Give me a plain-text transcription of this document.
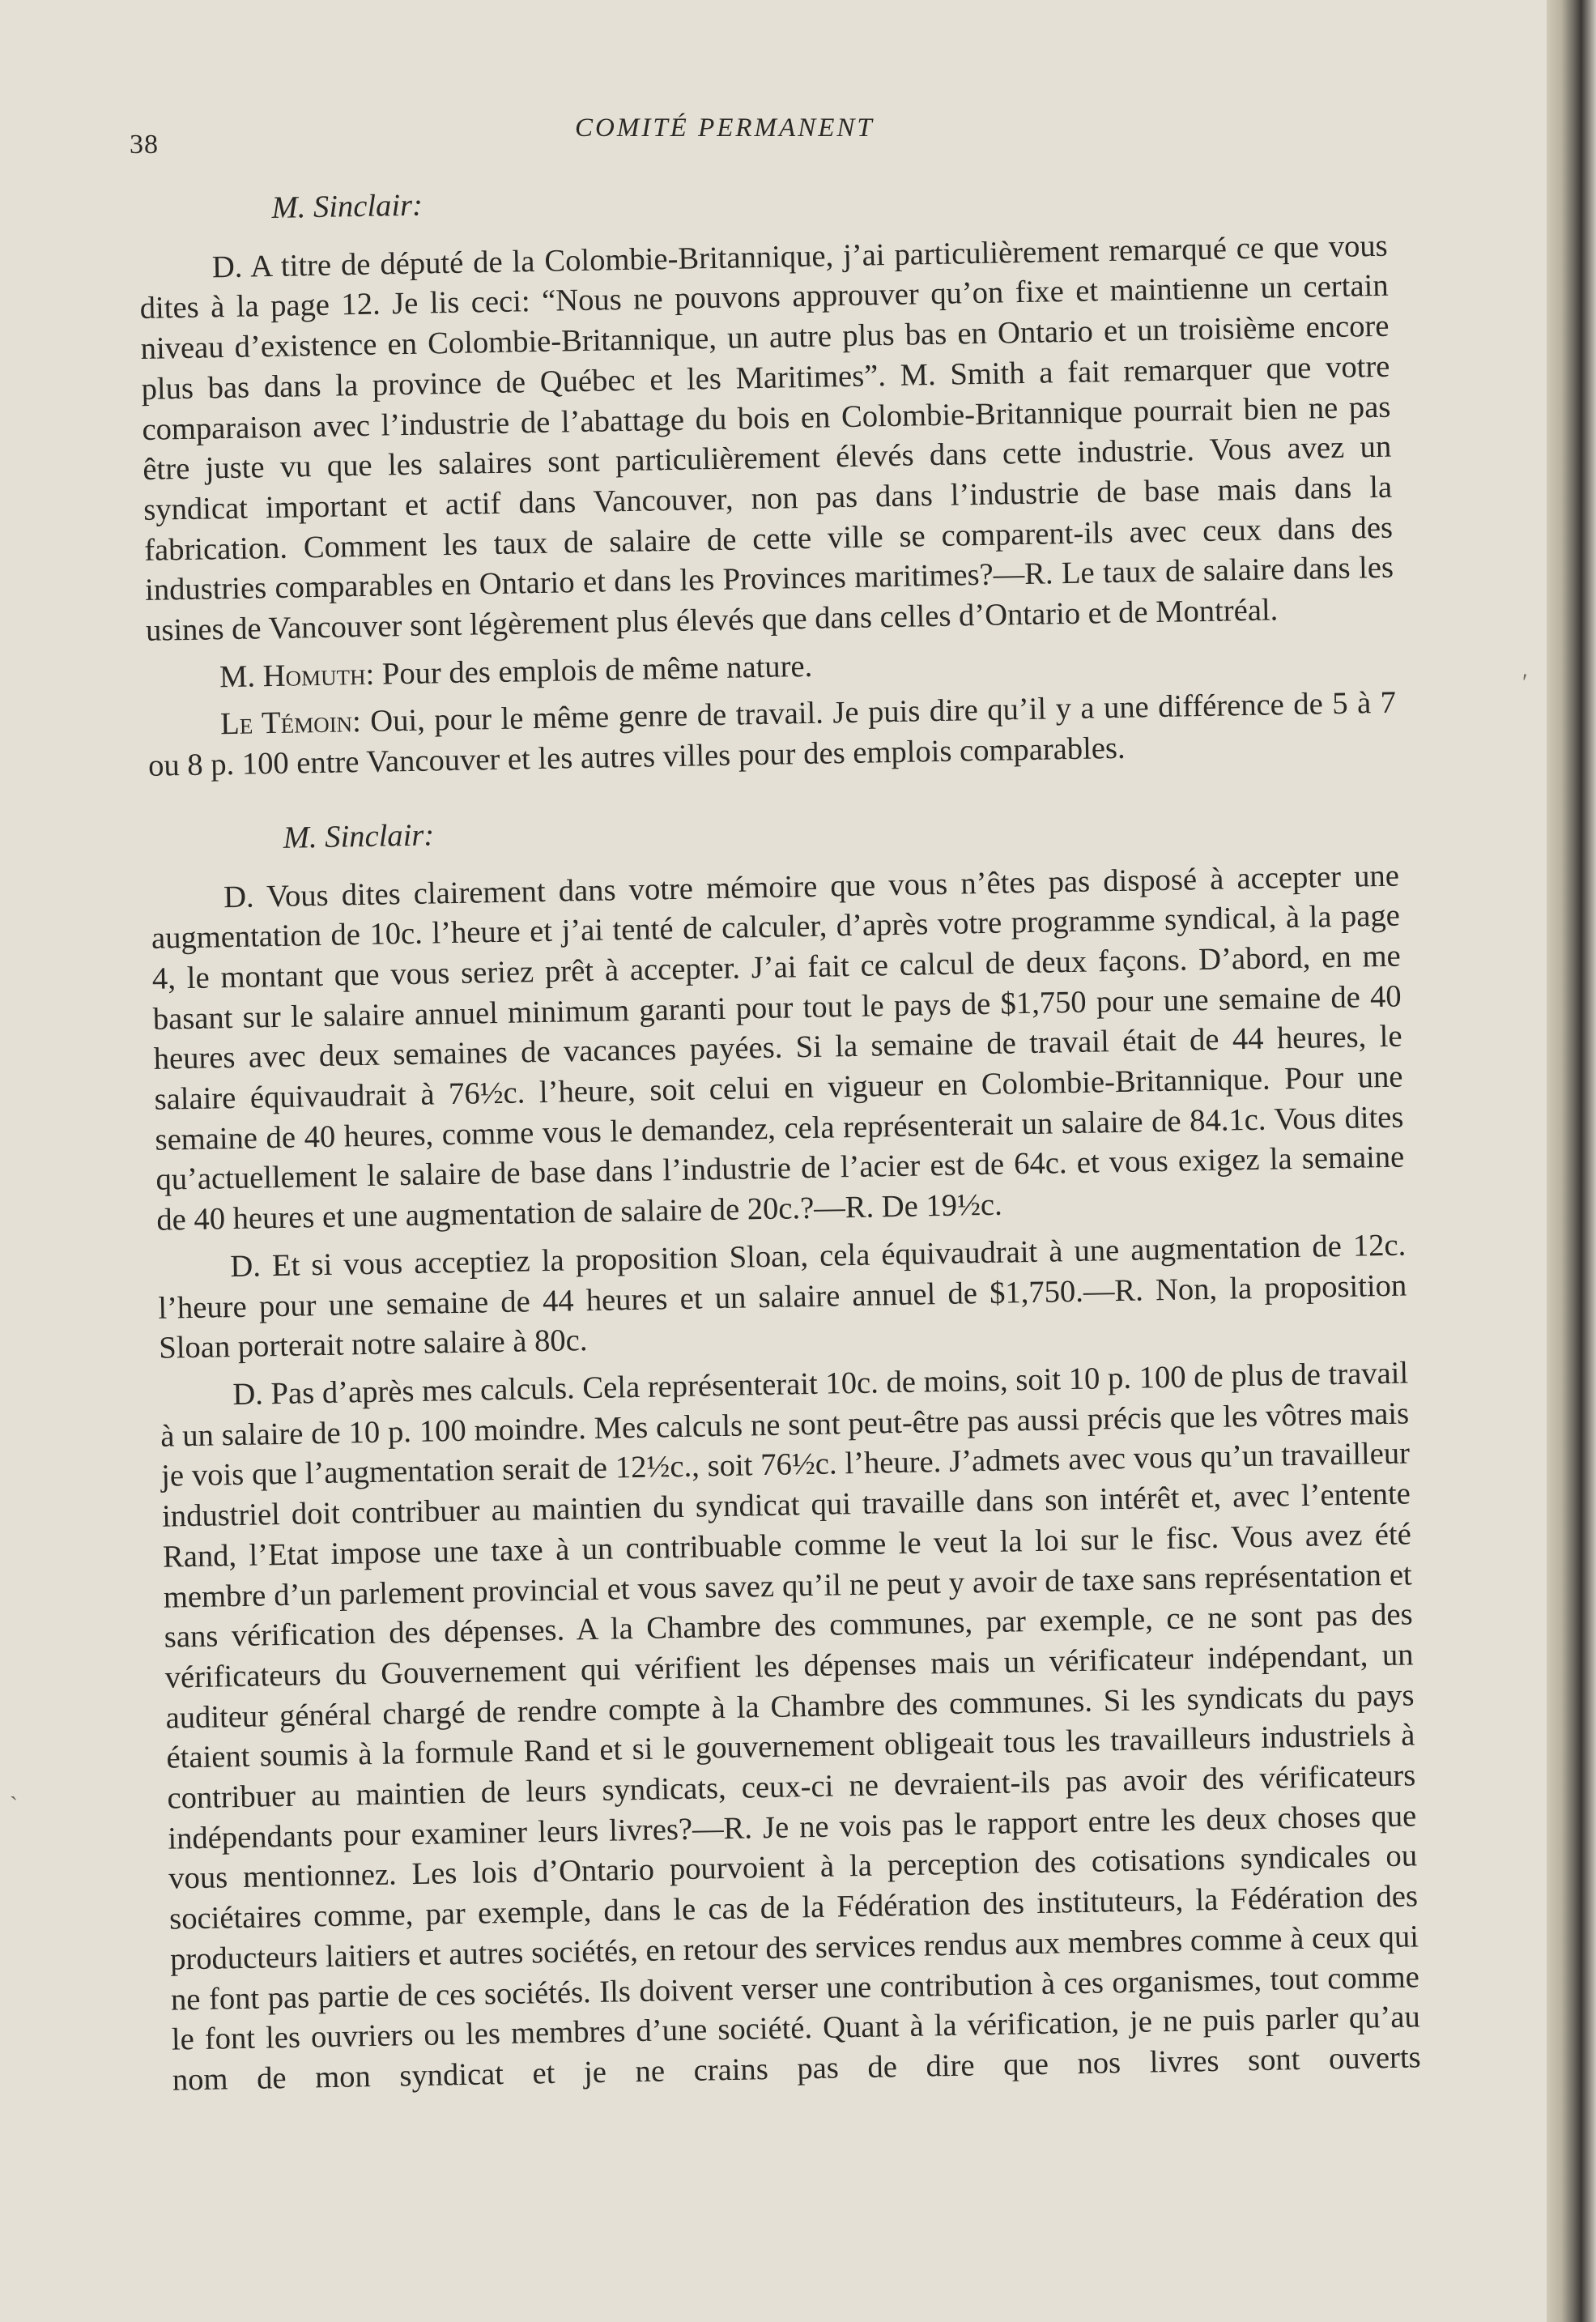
38
COMITÉ PERMANENT

M. Sinclair:

D. A titre de député de la Colombie-Britannique, j’ai particulièrement remarqué ce que vous dites à la page 12. Je lis ceci: “Nous ne pouvons approuver qu’on fixe et maintienne un certain niveau d’existence en Colombie-Britannique, un autre plus bas en Ontario et un troisième encore plus bas dans la province de Québec et les Maritimes”. M. Smith a fait remarquer que votre comparaison avec l’industrie de l’abattage du bois en Colombie-Britannique pourrait bien ne pas être juste vu que les salaires sont particulièrement élevés dans cette industrie. Vous avez un syndicat important et actif dans Vancouver, non pas dans l’industrie de base mais dans la fabrication. Comment les taux de salaire de cette ville se comparent-ils avec ceux dans des industries comparables en Ontario et dans les Provinces maritimes?—R. Le taux de salaire dans les usines de Vancouver sont légèrement plus élevés que dans celles d’Ontario et de Montréal.

M. Homuth: Pour des emplois de même nature.

Le Témoin: Oui, pour le même genre de travail. Je puis dire qu’il y a une différence de 5 à 7 ou 8 p. 100 entre Vancouver et les autres villes pour des emplois comparables.

M. Sinclair:

D. Vous dites clairement dans votre mémoire que vous n’êtes pas disposé à accepter une augmentation de 10c. l’heure et j’ai tenté de calculer, d’après votre programme syndical, à la page 4, le montant que vous seriez prêt à accepter. J’ai fait ce calcul de deux façons. D’abord, en me basant sur le salaire annuel minimum garanti pour tout le pays de $1,750 pour une semaine de 40 heures avec deux semaines de vacances payées. Si la semaine de travail était de 44 heures, le salaire équivaudrait à 76½c. l’heure, soit celui en vigueur en Colombie-Britannique. Pour une semaine de 40 heures, comme vous le demandez, cela représenterait un salaire de 84.1c. Vous dites qu’actuellement le salaire de base dans l’industrie de l’acier est de 64c. et vous exigez la semaine de 40 heures et une augmentation de salaire de 20c.?—R. De 19½c.

D. Et si vous acceptiez la proposition Sloan, cela équivaudrait à une augmentation de 12c. l’heure pour une semaine de 44 heures et un salaire annuel de $1,750.—R. Non, la proposition Sloan porterait notre salaire à 80c.

D. Pas d’après mes calculs. Cela représenterait 10c. de moins, soit 10 p. 100 de plus de travail à un salaire de 10 p. 100 moindre. Mes calculs ne sont peut-être pas aussi précis que les vôtres mais je vois que l’augmentation serait de 12½c., soit 76½c. l’heure. J’admets avec vous qu’un travailleur industriel doit contribuer au maintien du syndicat qui travaille dans son intérêt et, avec l’entente Rand, l’Etat impose une taxe à un contribuable comme le veut la loi sur le fisc. Vous avez été membre d’un parlement provincial et vous savez qu’il ne peut y avoir de taxe sans représentation et sans vérification des dépenses. A la Chambre des communes, par exemple, ce ne sont pas des vérificateurs du Gouvernement qui vérifient les dépenses mais un vérificateur indépendant, un auditeur général chargé de rendre compte à la Chambre des communes. Si les syndicats du pays étaient soumis à la formule Rand et si le gouvernement obligeait tous les travailleurs industriels à contribuer au maintien de leurs syndicats, ceux-ci ne devraient-ils pas avoir des vérificateurs indépendants pour examiner leurs livres?—R. Je ne vois pas le rapport entre les deux choses que vous mentionnez. Les lois d’Ontario pourvoient à la perception des cotisations syndicales ou sociétaires comme, par exemple, dans le cas de la Fédération des instituteurs, la Fédération des producteurs laitiers et autres sociétés, en retour des services rendus aux membres comme à ceux qui ne font pas partie de ces sociétés. Ils doivent verser une contribution à ces organismes, tout comme le font les ouvriers ou les membres d’une société. Quant à la vérification, je ne puis parler qu’au nom de mon syndicat et je ne crains pas de dire que nos livres sont ouverts

ʹ
ˏ
